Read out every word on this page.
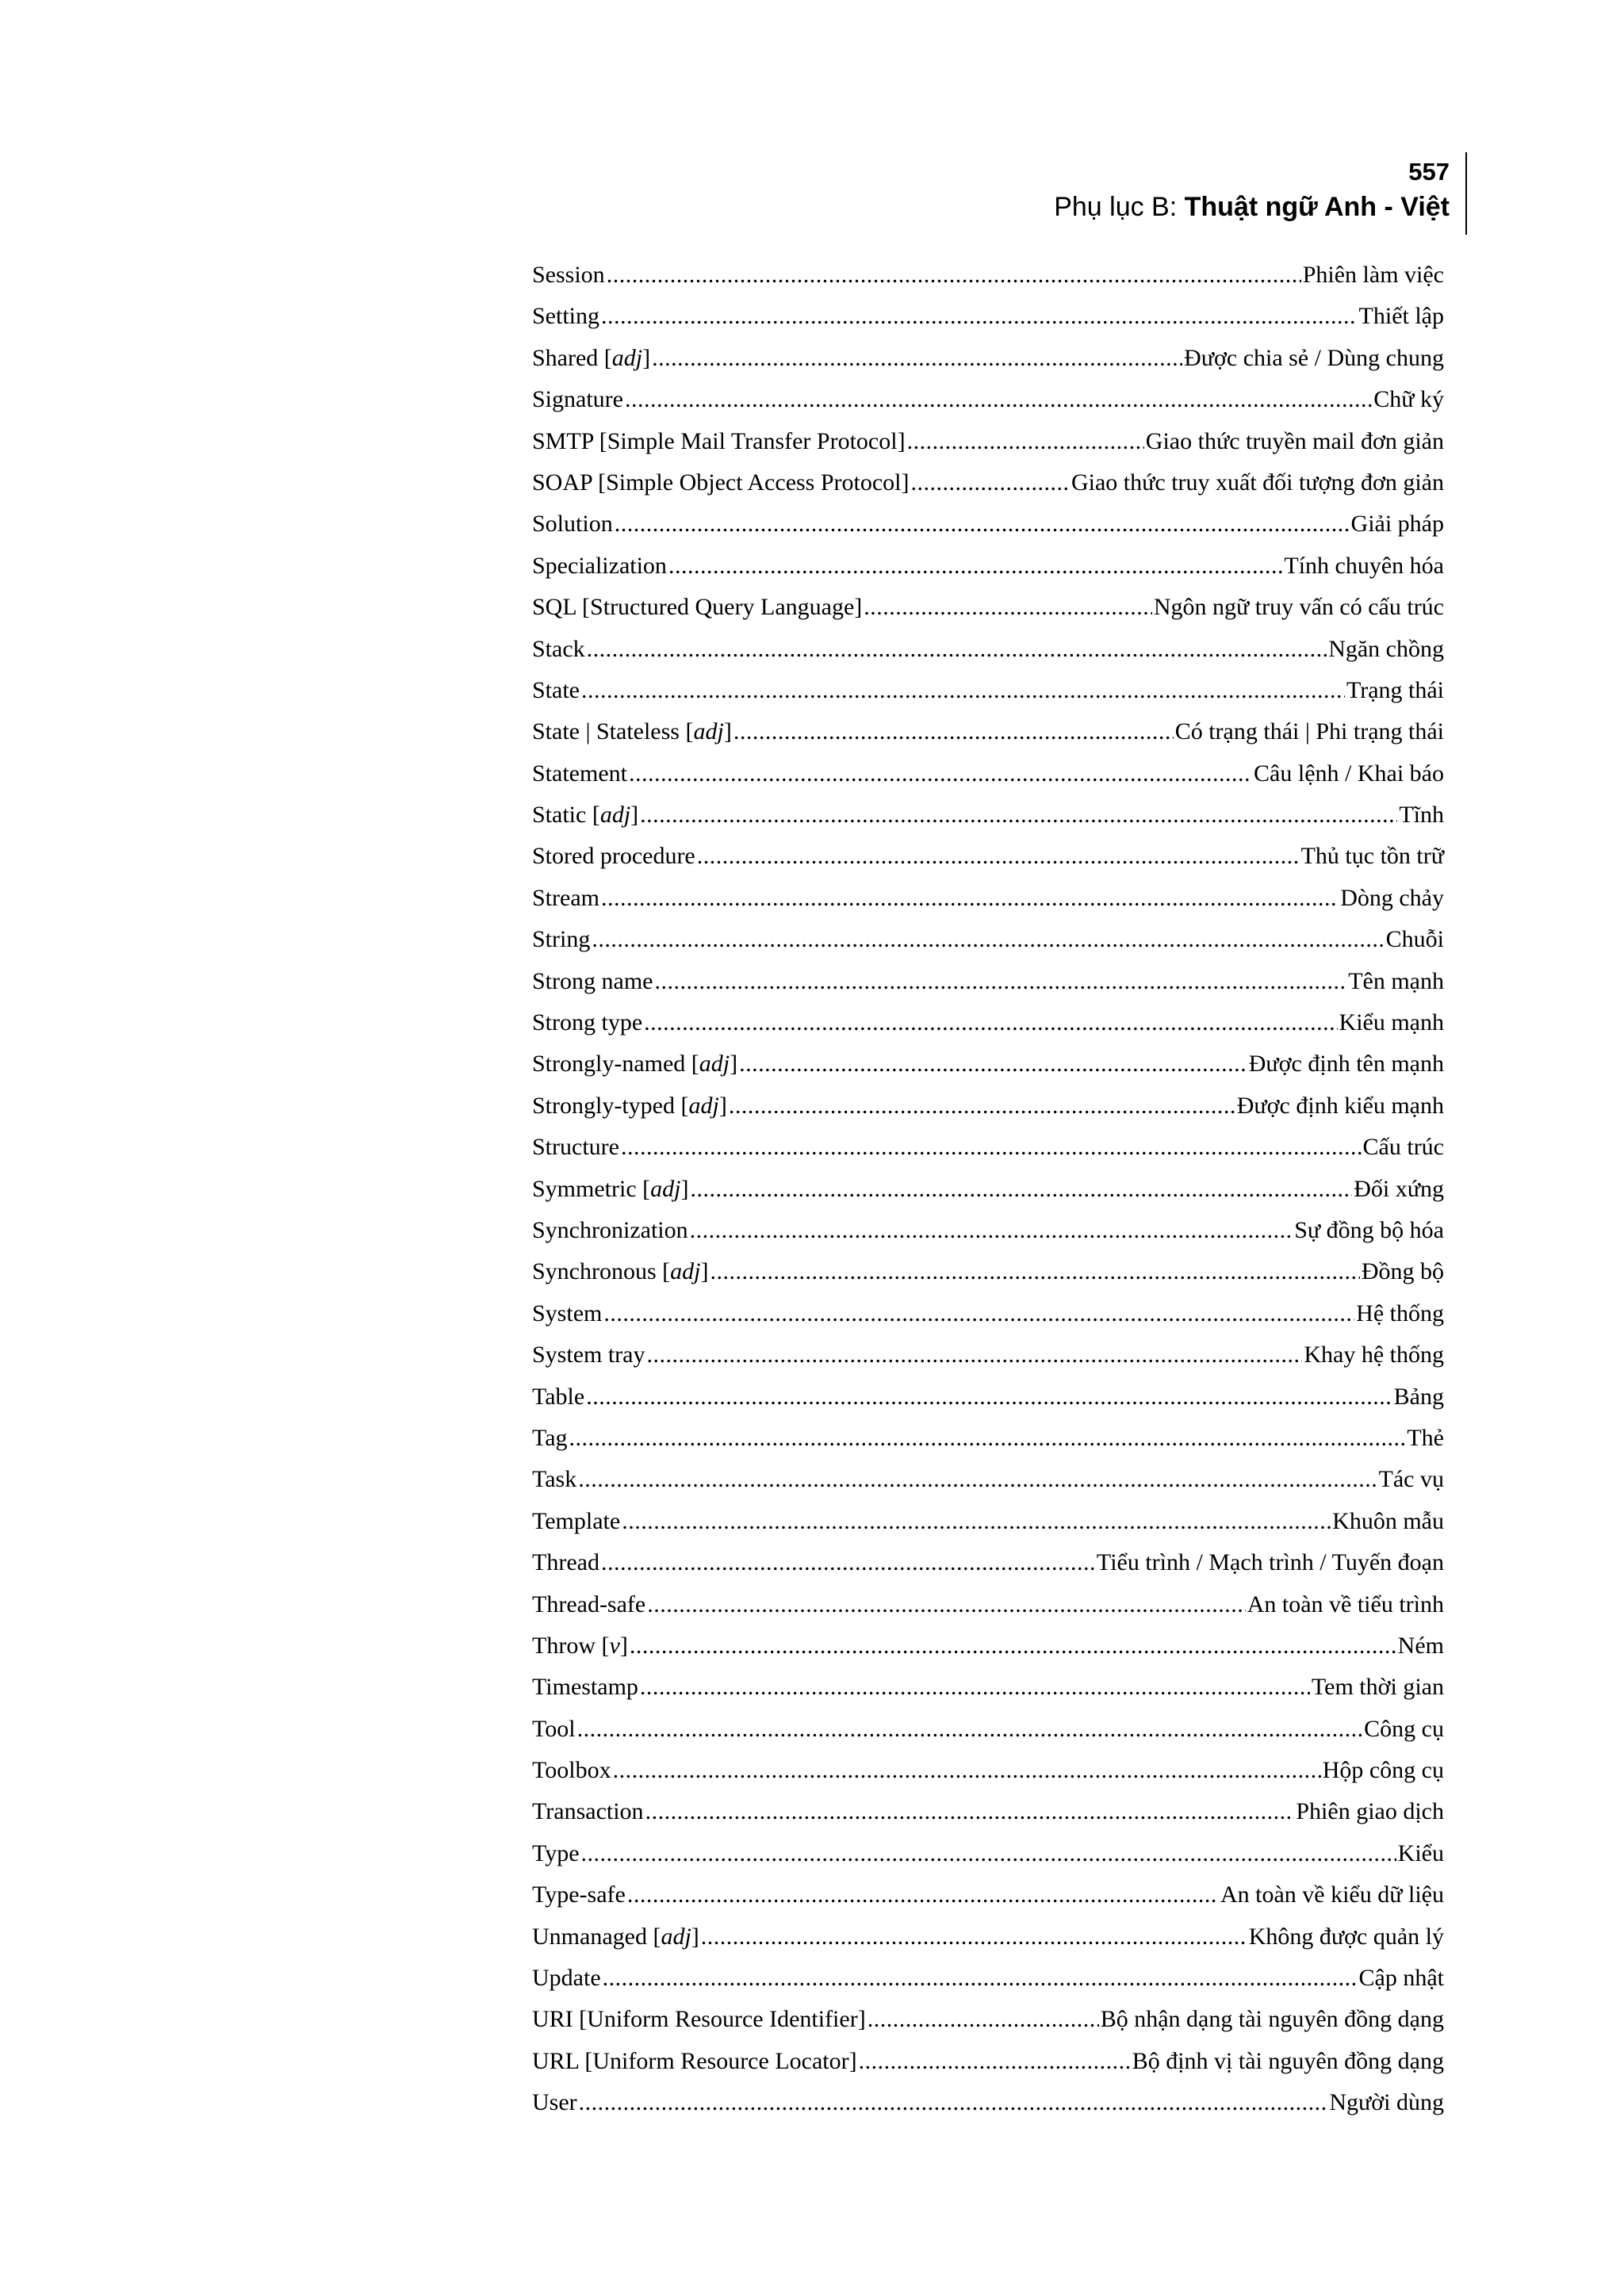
557
Phụ lục B: Thuật ngữ Anh - Việt
Session .....	Phiên làm việc
Setting .....	Thiết lập
Shared [adj] .....	Được chia sẻ / Dùng chung
Signature .....	Chữ ký
SMTP [Simple Mail Transfer Protocol] .....	Giao thức truyền mail đơn giản
SOAP [Simple Object Access Protocol] .....	Giao thức truy xuất đối tượng đơn giản
Solution .....	Giải pháp
Specialization .....	Tính chuyên hóa
SQL [Structured Query Language] .....	Ngôn ngữ truy vấn có cấu trúc
Stack .....	Ngăn chồng
State .....	Trạng thái
State | Stateless [adj] .....	Có trạng thái | Phi trạng thái
Statement .....	Câu lệnh / Khai báo
Static [adj] .....	Tĩnh
Stored procedure .....	Thủ tục tồn trữ
Stream .....	Dòng chảy
String .....	Chuỗi
Strong name .....	Tên mạnh
Strong type .....	Kiểu mạnh
Strongly-named [adj] .....	Được định tên mạnh
Strongly-typed [adj] .....	Được định kiểu mạnh
Structure .....	Cấu trúc
Symmetric [adj] .....	Đối xứng
Synchronization .....	Sự đồng bộ hóa
Synchronous [adj] .....	Đồng bộ
System .....	Hệ thống
System tray .....	Khay hệ thống
Table .....	Bảng
Tag .....	Thẻ
Task .....	Tác vụ
Template .....	Khuôn mẫu
Thread .....	Tiểu trình / Mạch trình / Tuyến đoạn
Thread-safe .....	An toàn về tiểu trình
Throw [v] .....	Ném
Timestamp .....	Tem thời gian
Tool .....	Công cụ
Toolbox .....	Hộp công cụ
Transaction .....	Phiên giao dịch
Type .....	Kiểu
Type-safe .....	An toàn về kiểu dữ liệu
Unmanaged [adj] .....	Không được quản lý
Update .....	Cập nhật
URI [Uniform Resource Identifier] .....	Bộ nhận dạng tài nguyên đồng dạng
URL [Uniform Resource Locator] .....	Bộ định vị tài nguyên đồng dạng
User .....	Người dùng
